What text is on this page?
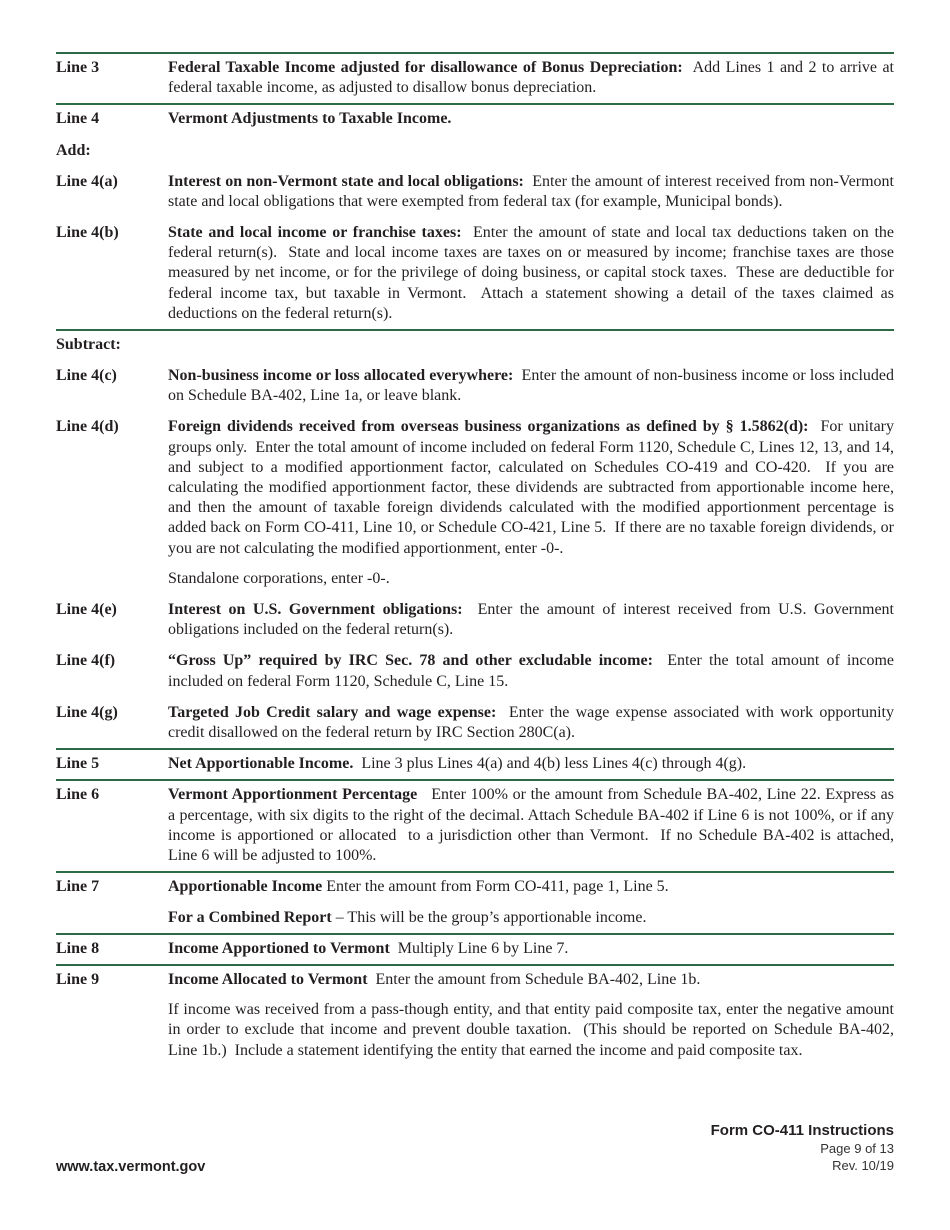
Line 3	Federal Taxable Income adjusted for disallowance of Bonus Depreciation:  Add Lines 1 and 2 to arrive at federal taxable income, as adjusted to disallow bonus depreciation.

Line 4	Vermont Adjustments to Taxable Income.

Add:
Line 4(a)	Interest on non-Vermont state and local obligations:  Enter the amount of interest received from non-Vermont state and local obligations that were exempted from federal tax (for example, Municipal bonds).

Line 4(b)	State and local income or franchise taxes:  Enter the amount of state and local tax deductions taken on the federal return(s).  State and local income taxes are taxes on or measured by income; franchise taxes are those measured by net income, or for the privilege of doing business, or capital stock taxes.  These are deductible for federal income tax, but taxable in Vermont.  Attach a statement showing a detail of the taxes claimed as deductions on the federal return(s).

Subtract:
Line 4(c)	Non-business income or loss allocated everywhere:  Enter the amount of non-business income or loss included on Schedule BA-402, Line 1a, or leave blank.

Line 4(d)	Foreign dividends received from overseas business organizations as defined by § 1.5862(d):  For unitary groups only.  Enter the total amount of income included on federal Form 1120, Schedule C, Lines 12, 13, and 14, and subject to a modified apportionment factor, calculated on Schedules CO-419 and CO-420.  If you are calculating the modified apportionment factor, these dividends are subtracted from apportionable income here, and then the amount of taxable foreign dividends calculated with the modified apportionment percentage is added back on Form CO-411, Line 10, or Schedule CO-421, Line 5.  If there are no taxable foreign dividends, or you are not calculating the modified apportionment, enter -0-.

Standalone corporations, enter -0-.

Line 4(e)	Interest on U.S. Government obligations:  Enter the amount of interest received from U.S. Government obligations included on the federal return(s).

Line 4(f)	“Gross Up” required by IRC Sec. 78 and other excludable income:  Enter the total amount of income included on federal Form 1120, Schedule C, Line 15.

Line 4(g)	Targeted Job Credit salary and wage expense:  Enter the wage expense associated with work opportunity credit disallowed on the federal return by IRC Section 280C(a).

Line 5	Net Apportionable Income.  Line 3 plus Lines 4(a) and 4(b) less Lines 4(c) through 4(g).

Line 6	Vermont Apportionment Percentage   Enter 100% or the amount from Schedule BA-402, Line 22. Express as a percentage, with six digits to the right of the decimal. Attach Schedule BA-402 if Line 6 is not 100%, or if any income is apportioned or allocated  to a jurisdiction other than Vermont.  If no Schedule BA-402 is attached, Line 6 will be adjusted to 100%.

Line 7	Apportionable Income Enter the amount from Form CO-411, page 1, Line 5.

For a Combined Report – This will be the group’s apportionable income.

Line 8	Income Apportioned to Vermont  Multiply Line 6 by Line 7.

Line 9	Income Allocated to Vermont  Enter the amount from Schedule BA-402, Line 1b.

If income was received from a pass-though entity, and that entity paid composite tax, enter the negative amount in order to exclude that income and prevent double taxation.  (This should be reported on Schedule BA-402, Line 1b.)  Include a statement identifying the entity that earned the income and paid composite tax.

www.tax.vermont.gov
Form CO-411 Instructions
Page 9 of 13
Rev. 10/19
